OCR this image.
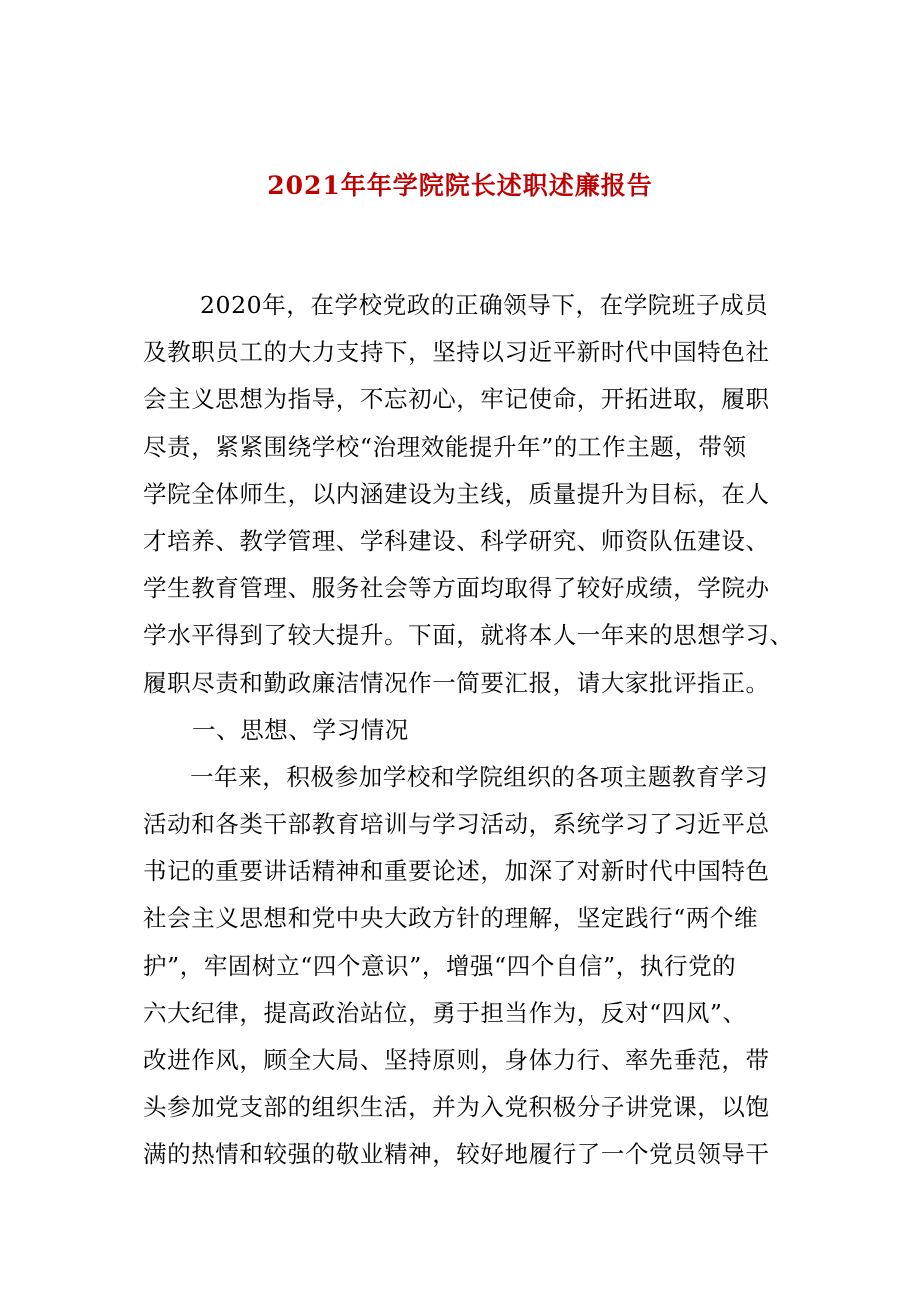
2021年年学院院长述职述廉报告
2020年，在学校党政的正确领导下，在学院班子成员
及教职员工的大力支持下，坚持以习近平新时代中国特色社
会主义思想为指导，不忘初心，牢记使命，开拓进取，履职
尽责，紧紧围绕学校“治理效能提升年”的工作主题，带领
学院全体师生，以内涵建设为主线，质量提升为目标，在人
才培养、教学管理、学科建设、科学研究、师资队伍建设、
学生教育管理、服务社会等方面均取得了较好成绩，学院办
学水平得到了较大提升。下面，就将本人一年来的思想学习、
履职尽责和勤政廉洁情况作一简要汇报，请大家批评指正。
一、思想、学习情况
一年来，积极参加学校和学院组织的各项主题教育学习
活动和各类干部教育培训与学习活动，系统学习了习近平总
书记的重要讲话精神和重要论述，加深了对新时代中国特色
社会主义思想和党中央大政方针的理解，坚定践行“两个维
护”，牢固树立“四个意识”，增强“四个自信”，执行党的
六大纪律，提高政治站位，勇于担当作为，反对“四风”、
改进作风，顾全大局、坚持原则，身体力行、率先垂范，带
头参加党支部的组织生活，并为入党积极分子讲党课，以饱
满的热情和较强的敬业精神，较好地履行了一个党员领导干
